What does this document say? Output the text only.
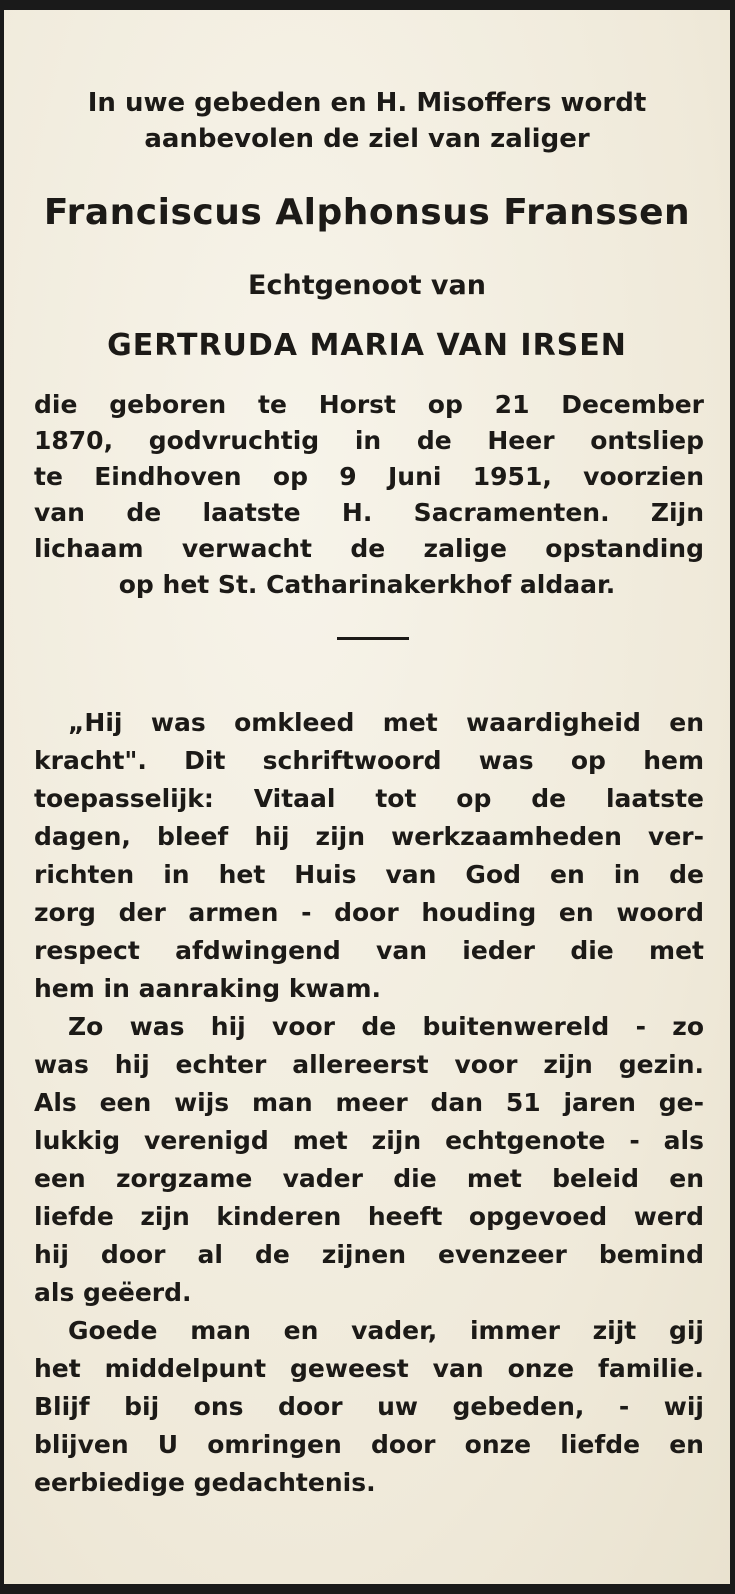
In uwe gebeden en H. Misoffers wordt

aanbevolen de ziel van zaliger

Franciscus Alphonsus Franssen

Echtgenoot van

GERTRUDA MARIA VAN IRSEN

die geboren te Horst op 21 December

1870, godvruchtig in de Heer ontsliep

te Eindhoven op 9 Juni 1951, voorzien

van de laatste H. Sacramenten. Zijn

lichaam verwacht de zalige opstanding

op het St. Catharinakerkhof aldaar.

„Hij was omkleed met waardigheid en

kracht". Dit schriftwoord was op hem

toepasselijk: Vitaal tot op de laatste

dagen, bleef hij zijn werkzaamheden ver-

richten in het Huis van God en in de

zorg der armen - door houding en woord

respect afdwingend van ieder die met

hem in aanraking kwam.

Zo was hij voor de buitenwereld - zo

was hij echter allereerst voor zijn gezin.

Als een wijs man meer dan 51 jaren ge-

lukkig verenigd met zijn echtgenote - als

een zorgzame vader die met beleid en

liefde zijn kinderen heeft opgevoed werd

hij door al de zijnen evenzeer bemind

als geëerd.

Goede man en vader, immer zijt gij

het middelpunt geweest van onze familie.

Blijf bij ons door uw gebeden, - wij

blijven U omringen door onze liefde en

eerbiedige gedachtenis.
